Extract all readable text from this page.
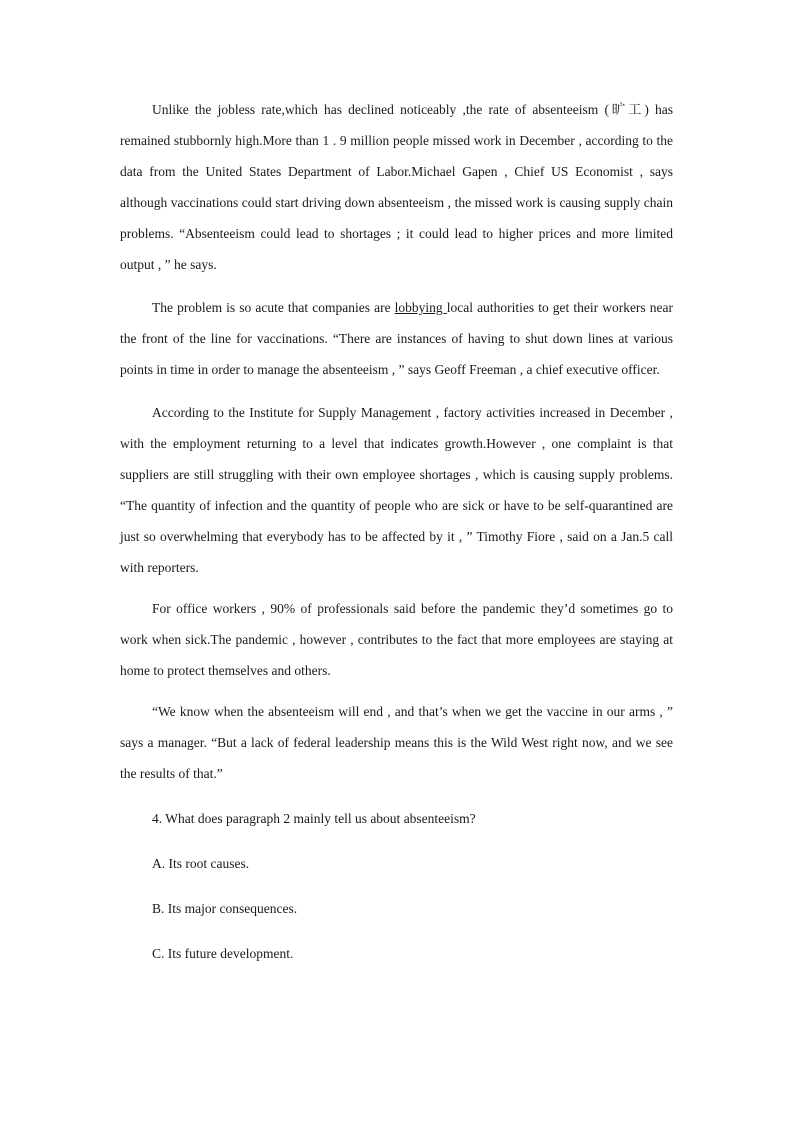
Unlike the jobless rate,which has declined noticeably ,the rate of absenteeism (旷工) has remained stubbornly high.More than 1 . 9 million people missed work in December , according to the data from the United States Department of Labor.Michael Gapen , Chief US Economist , says although vaccinations could start driving down absenteeism , the missed work is causing supply chain problems. “Absenteeism could lead to shortages ; it could lead to higher prices and more limited output , ” he says.

The problem is so acute that companies are lobbying local authorities to get their workers near the front of the line for vaccinations. “There are instances of having to shut down lines at various points in time in order to manage the absenteeism , ” says Geoff Freeman , a chief executive officer.

According to the Institute for Supply Management , factory activities increased in December , with the employment returning to a level that indicates growth.However , one complaint is that suppliers are still struggling with their own employee shortages , which is causing supply problems. “The quantity of infection and the quantity of people who are sick or have to be self-quarantined are just so overwhelming that everybody has to be affected by it , ” Timothy Fiore , said on a Jan.5 call with reporters.

For office workers , 90% of professionals said before the pandemic they’d sometimes go to work when sick.The pandemic , however , contributes to the fact that more employees are staying at home to protect themselves and others.

“We know when the absenteeism will end , and that’s when we get the vaccine in our arms , ” says a manager. “But a lack of federal leadership means this is the Wild West right now, and we see the results of that.”

4. What does paragraph 2 mainly tell us about absenteeism?

A. Its root causes.

B. Its major consequences.

C. Its future development.
